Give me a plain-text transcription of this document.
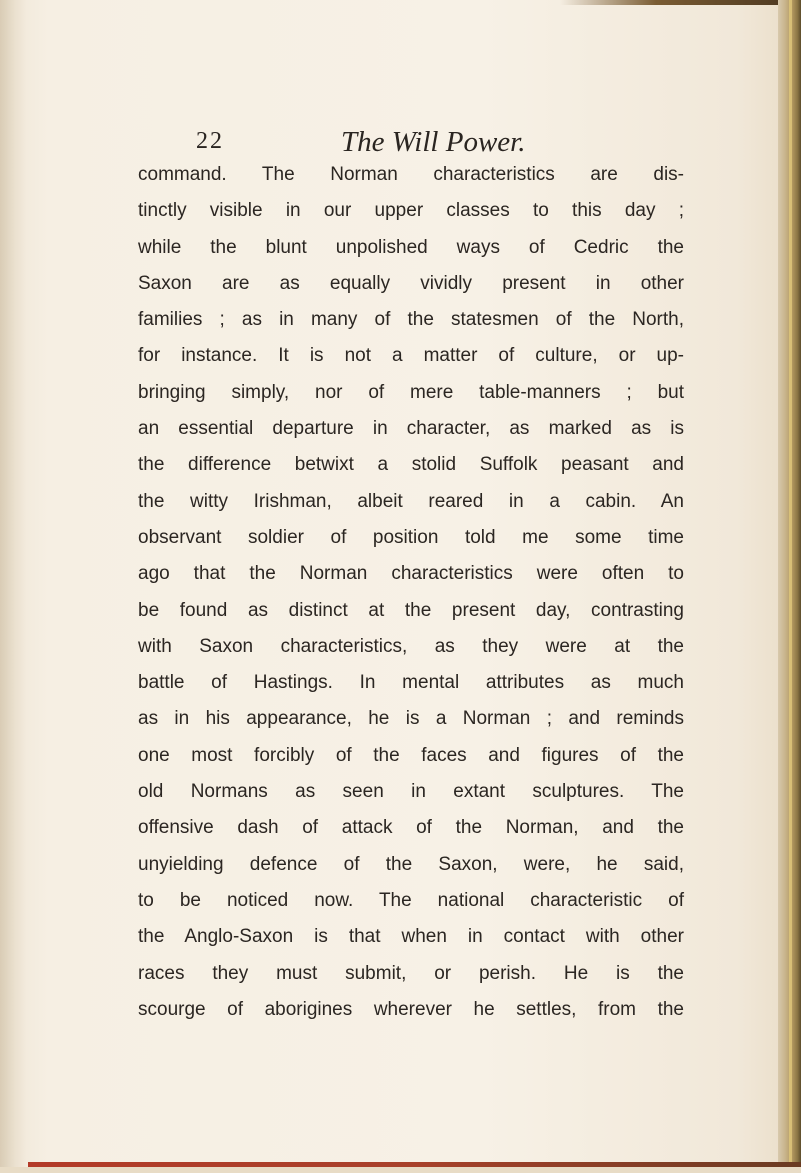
22	The Will Power.
command. The Norman characteristics are dis-
tinctly visible in our upper classes to this day ;
while the blunt unpolished ways of Cedric the
Saxon are as equally vividly present in other
families ; as in many of the statesmen of the North,
for instance. It is not a matter of culture, or up-
bringing simply, nor of mere table-manners ; but
an essential departure in character, as marked as is
the difference betwixt a stolid Suffolk peasant and
the witty Irishman, albeit reared in a cabin. An
observant soldier of position told me some time
ago that the Norman characteristics were often to
be found as distinct at the present day, contrasting
with Saxon characteristics, as they were at the
battle of Hastings. In mental attributes as much
as in his appearance, he is a Norman ; and reminds
one most forcibly of the faces and figures of the
old Normans as seen in extant sculptures. The
offensive dash of attack of the Norman, and the
unyielding defence of the Saxon, were, he said,
to be noticed now. The national characteristic of
the Anglo-Saxon is that when in contact with other
races they must submit, or perish. He is the
scourge of aborigines wherever he settles, from the
